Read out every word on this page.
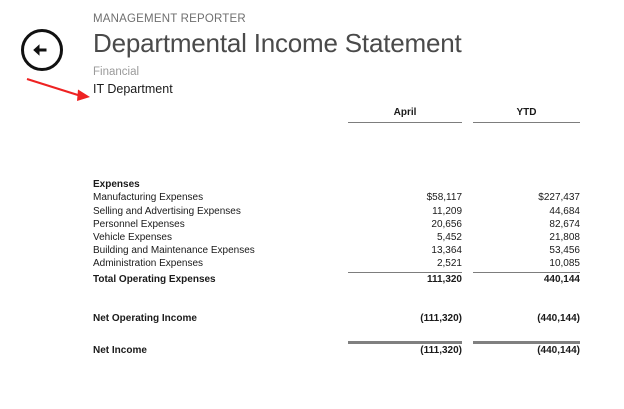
MANAGEMENT REPORTER
Departmental Income Statement
Financial
IT Department
	April		YTD

Expenses			
Manufacturing Expenses	$58,117		$227,437
Selling and Advertising Expenses	11,209		44,684
Personnel Expenses	20,656		82,674
Vehicle Expenses	5,452		21,808
Building and Maintenance Expenses	13,364		53,456
Administration Expenses	2,521		10,085

Total Operating Expenses	111,320		440,144

Net Operating Income	(111,320)		(440,144)

Net Income	(111,320)		(440,144)
